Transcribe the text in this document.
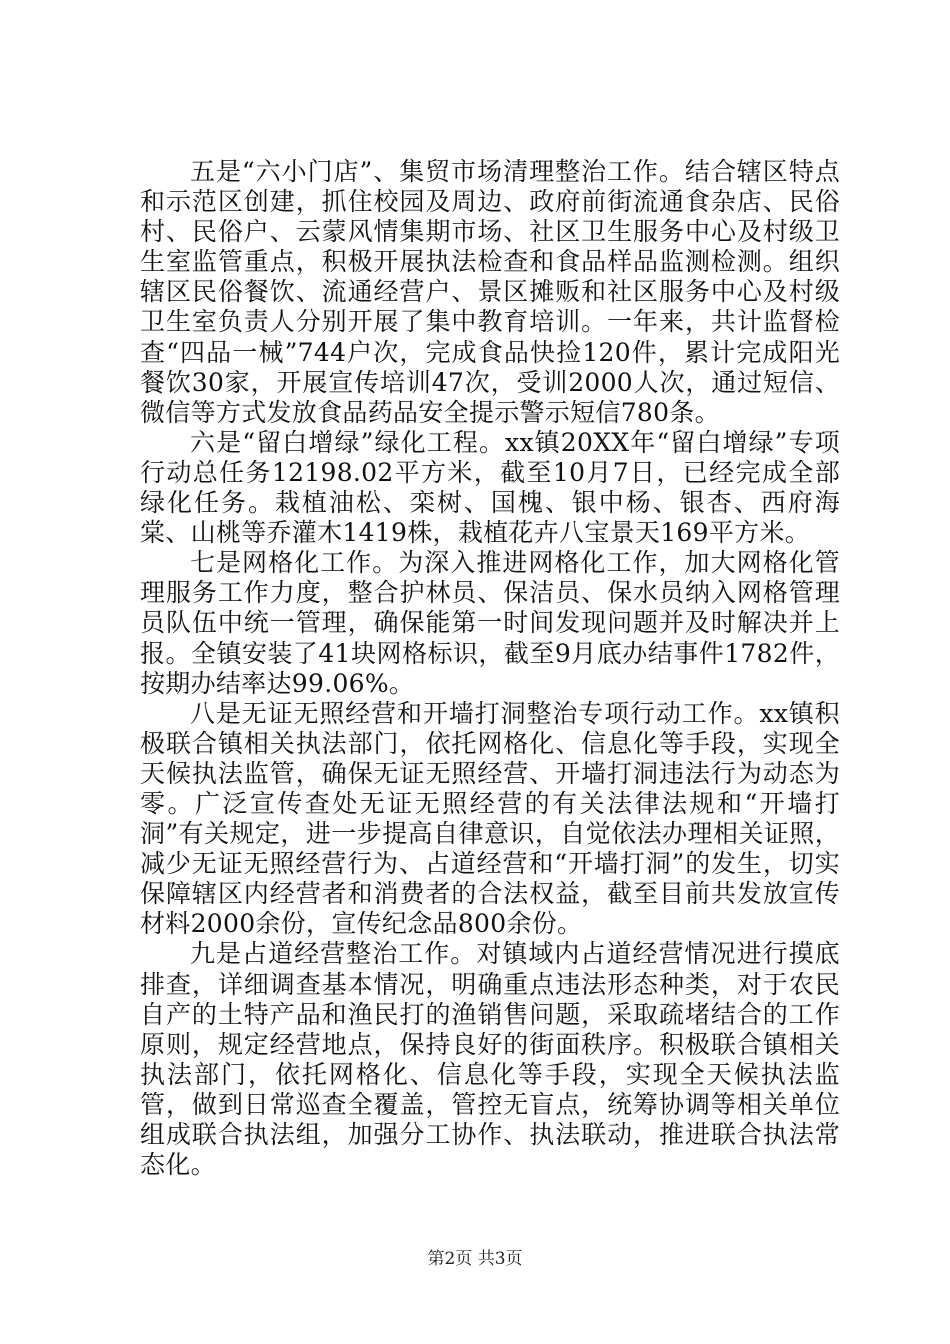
五是“六小门店”、集贸市场清理整治工作。结合辖区特点和示范区创建，抓住校园及周边、政府前街流通食杂店、民俗村、民俗户、云蒙风情集期市场、社区卫生服务中心及村级卫生室监管重点，积极开展执法检查和食品样品监测检测。组织辖区民俗餐饮、流通经营户、景区摊贩和社区服务中心及村级卫生室负责人分别开展了集中教育培训。一年来，共计监督检查“四品一械”744户次，完成食品快捡120件，累计完成阳光餐饮30家，开展宣传培训47次，受训2000人次，通过短信、微信等方式发放食品药品安全提示警示短信780条。

六是“留白增绿”绿化工程。xx镇20XX年“留白增绿”专项行动总任务12198.02平方米，截至10月7日，已经完成全部绿化任务。栽植油松、栾树、国槐、银中杨、银杏、西府海棠、山桃等乔灌木1419株，栽植花卉八宝景天169平方米。

七是网格化工作。为深入推进网格化工作，加大网格化管理服务工作力度，整合护林员、保洁员、保水员纳入网格管理员队伍中统一管理，确保能第一时间发现问题并及时解决并上报。全镇安装了41块网格标识，截至9月底办结事件1782件，按期办结率达99.06%。

八是无证无照经营和开墙打洞整治专项行动工作。xx镇积极联合镇相关执法部门，依托网格化、信息化等手段，实现全天候执法监管，确保无证无照经营、开墙打洞违法行为动态为零。广泛宣传查处无证无照经营的有关法律法规和“开墙打洞”有关规定，进一步提高自律意识，自觉依法办理相关证照，减少无证无照经营行为、占道经营和“开墙打洞”的发生，切实保障辖区内经营者和消费者的合法权益，截至目前共发放宣传材料2000余份，宣传纪念品800余份。

九是占道经营整治工作。对镇域内占道经营情况进行摸底排查，详细调查基本情况，明确重点违法形态种类，对于农民自产的土特产品和渔民打的渔销售问题，采取疏堵结合的工作原则，规定经营地点，保持良好的街面秩序。积极联合镇相关执法部门，依托网格化、信息化等手段，实现全天候执法监管，做到日常巡查全覆盖，管控无盲点，统筹协调等相关单位组成联合执法组，加强分工协作、执法联动，推进联合执法常态化。

第2页 共3页
